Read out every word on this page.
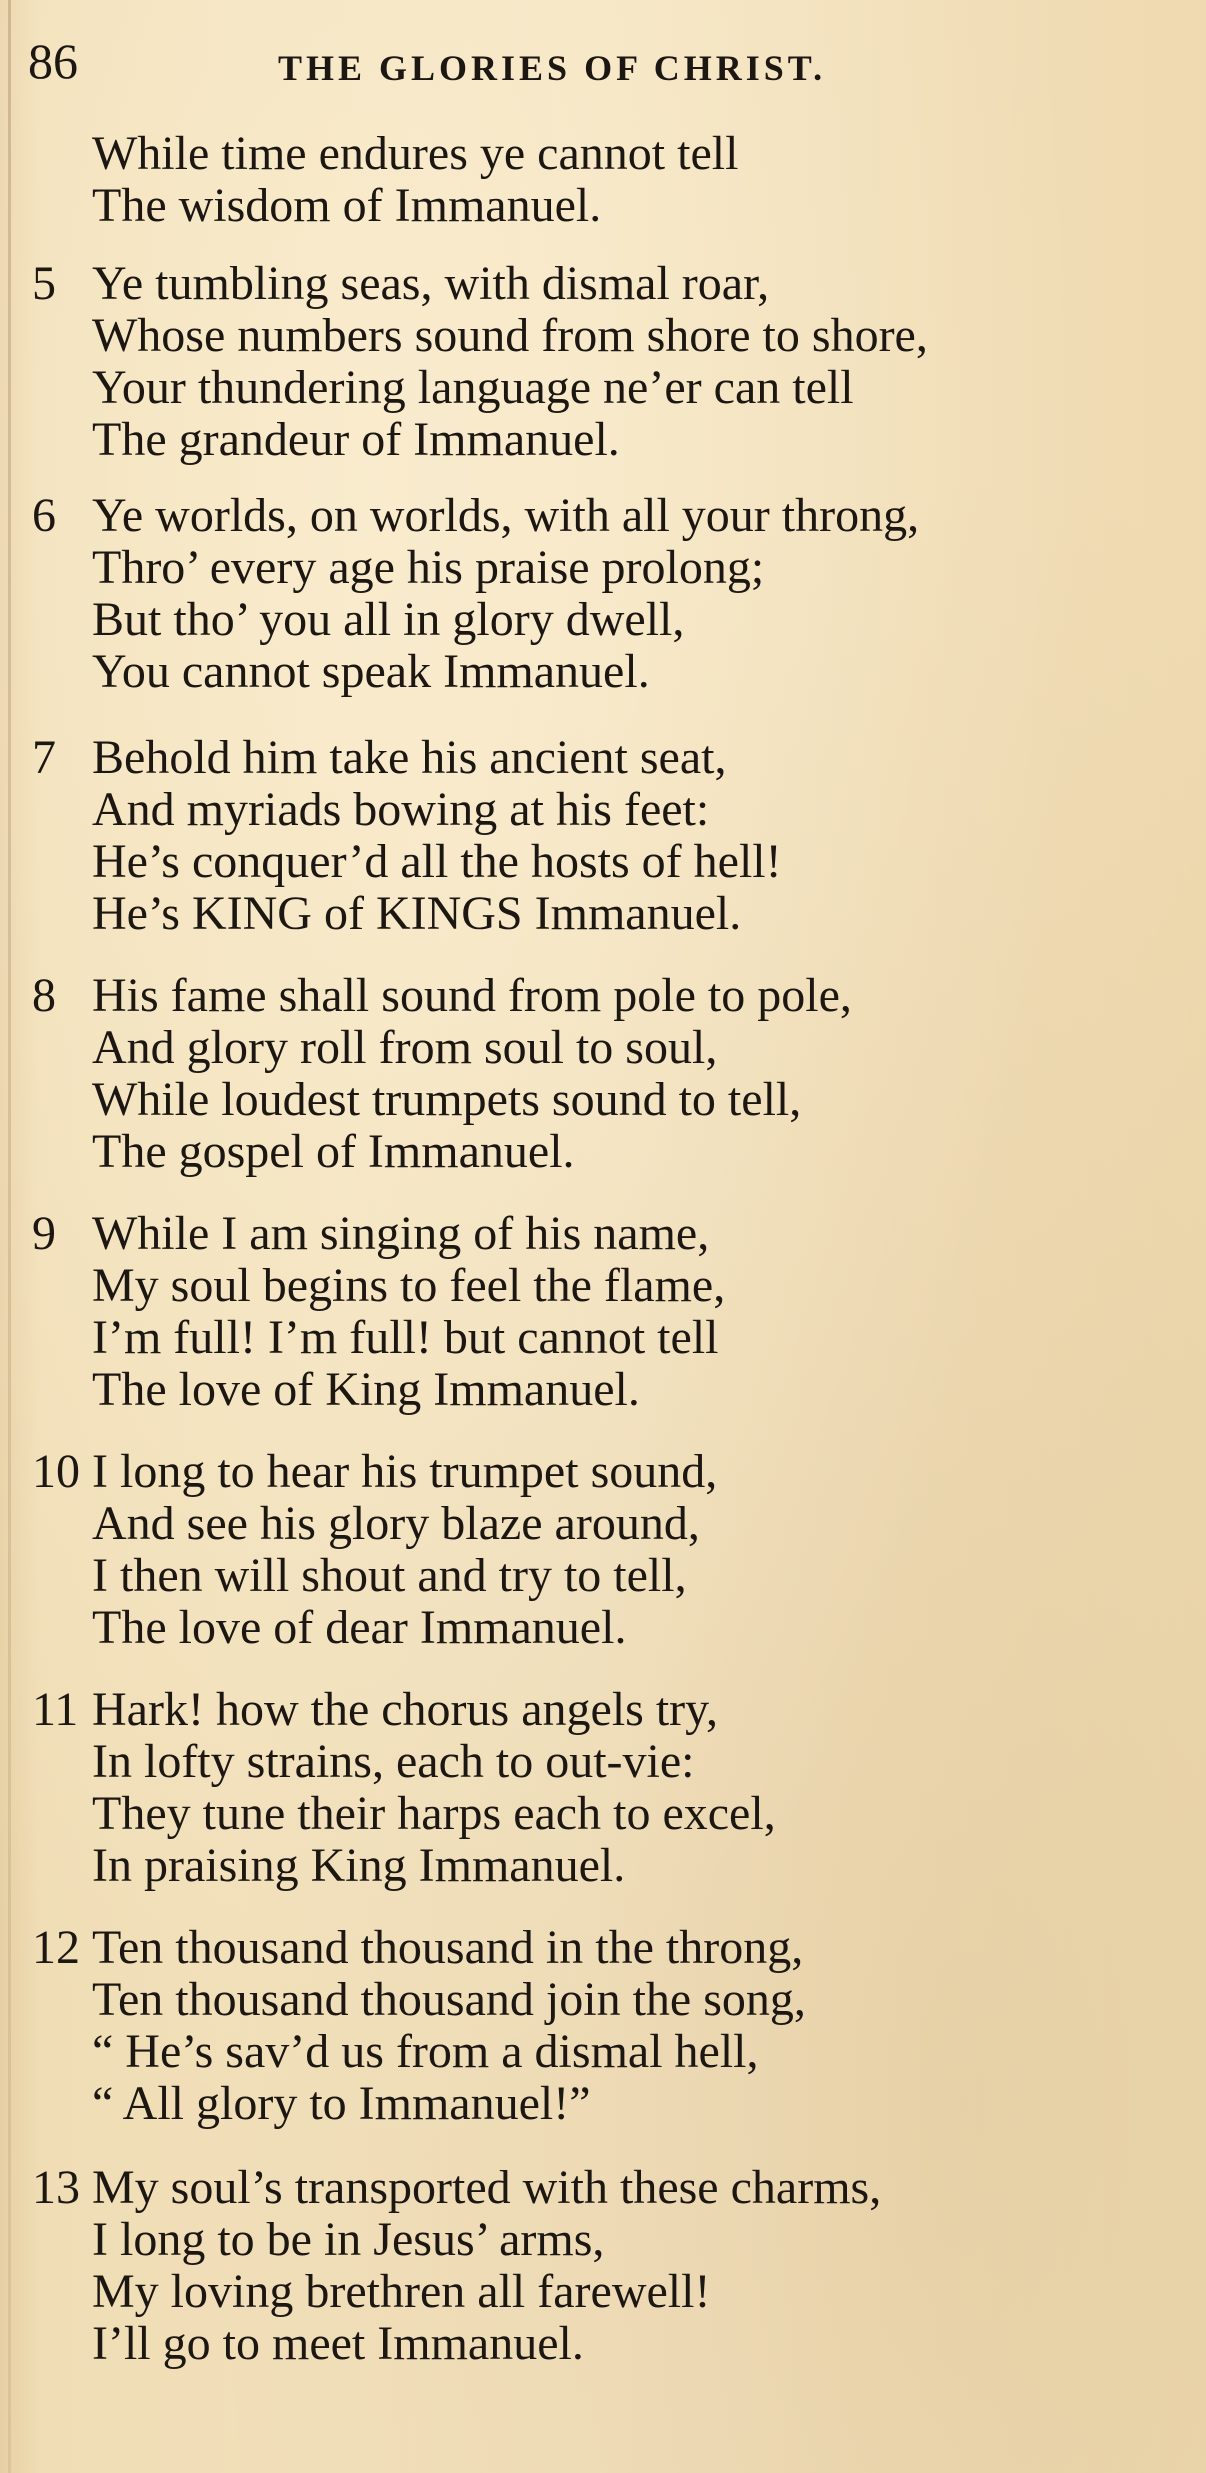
86	THE GLORIES OF CHRIST.
While time endures ye cannot tell
The wisdom of Immanuel.
5 Ye tumbling seas, with dismal roar,
Whose numbers sound from shore to shore,
Your thundering language ne’er can tell
The grandeur of Immanuel.
6 Ye worlds, on worlds, with all your throng,
Thro’ every age his praise prolong;
But tho’ you all in glory dwell,
You cannot speak Immanuel.
7 Behold him take his ancient seat,
And myriads bowing at his feet:
He’s conquer’d all the hosts of hell!
He’s KING of KINGS Immanuel.
8 His fame shall sound from pole to pole,
And glory roll from soul to soul,
While loudest trumpets sound to tell,
The gospel of Immanuel.
9 While I am singing of his name,
My soul begins to feel the flame,
I’m full! I’m full! but cannot tell
The love of King Immanuel.
10 I long to hear his trumpet sound,
And see his glory blaze around,
I then will shout and try to tell,
The love of dear Immanuel.
11 Hark! how the chorus angels try,
In lofty strains, each to out-vie:
They tune their harps each to excel,
In praising King Immanuel.
12 Ten thousand thousand in the throng,
Ten thousand thousand join the song,
“ He’s sav’d us from a dismal hell,
“ All glory to Immanuel!”
13 My soul’s transported with these charms,
I long to be in Jesus’ arms,
My loving brethren all farewell!
I’ll go to meet Immanuel.
